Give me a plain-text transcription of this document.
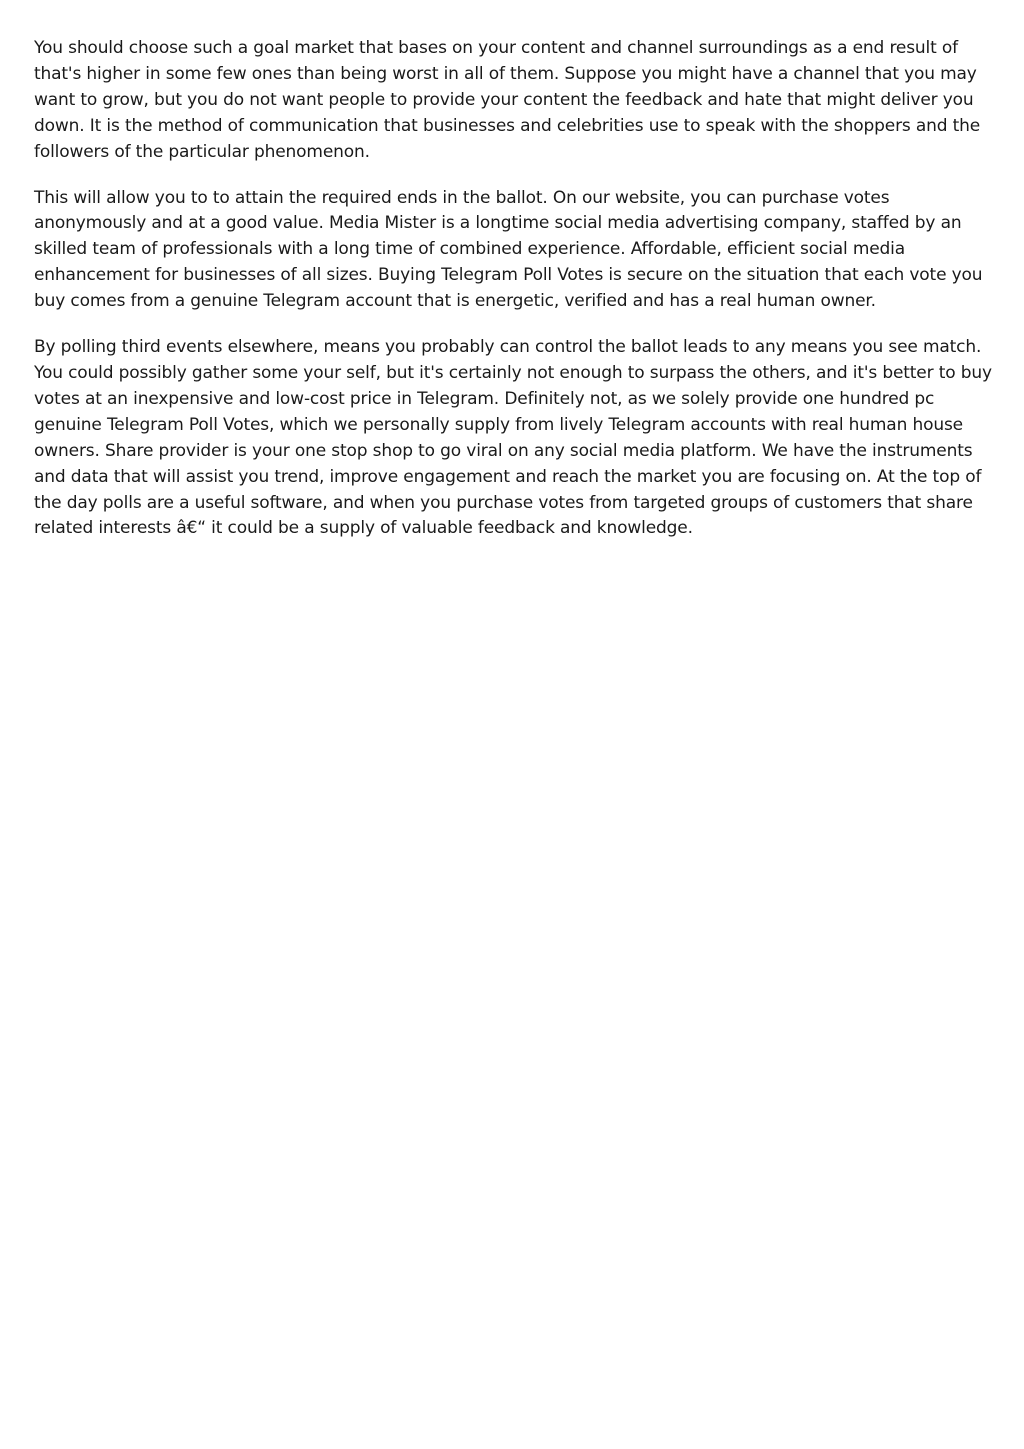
You should choose such a goal market that bases on your content and channel surroundings as a end result of
that's higher in some few ones than being worst in all of them. Suppose you might have a channel that you may
want to grow, but you do not want people to provide your content the feedback and hate that might deliver you
down. It is the method of communication that businesses and celebrities use to speak with the shoppers and the
followers of the particular phenomenon.

This will allow you to to attain the required ends in the ballot. On our website, you can purchase votes
anonymously and at a good value. Media Mister is a longtime social media advertising company, staffed by an
skilled team of professionals with a long time of combined experience. Affordable, efficient social media
enhancement for businesses of all sizes. Buying Telegram Poll Votes is secure on the situation that each vote you
buy comes from a genuine Telegram account that is energetic, verified and has a real human owner.

By polling third events elsewhere, means you probably can control the ballot leads to any means you see match.
You could possibly gather some your self, but it's certainly not enough to surpass the others, and it's better to buy
votes at an inexpensive and low-cost price in Telegram. Definitely not, as we solely provide one hundred pc
genuine Telegram Poll Votes, which we personally supply from lively Telegram accounts with real human house
owners. Share provider is your one stop shop to go viral on any social media platform. We have the instruments
and data that will assist you trend, improve engagement and reach the market you are focusing on. At the top of
the day polls are a useful software, and when you purchase votes from targeted groups of customers that share
related interests â€“ it could be a supply of valuable feedback and knowledge.
